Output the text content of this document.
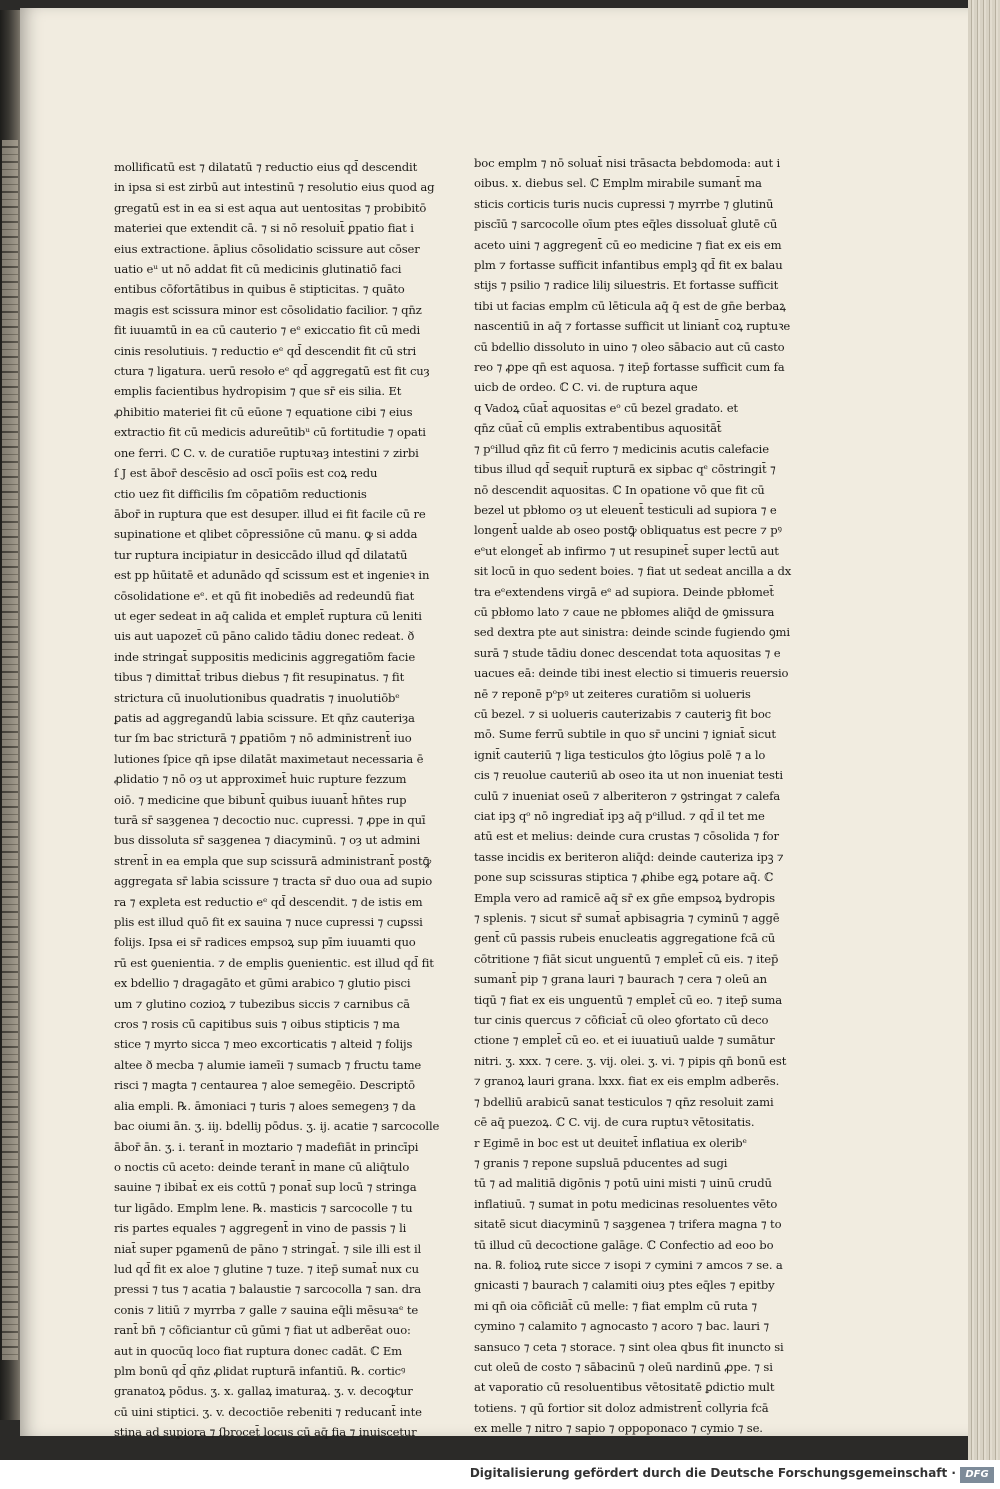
mollificatū est ⁊ dilatatū ⁊ reductio eius qd̄ descendit
in ipsa si est zirbū aut intestinū ⁊ resolutio eius quod ag
gregatū est in ea si est aqua aut uentositas ⁊ probibitō
materiei que extendit cā. ⁊ si nō resoluit̄ ꝑpatio fiat i
eius extractione. āplius cōsolidatio scissure aut cōser
uatio eᵘ ut nō addat fit cū medicinis glutinatiō faci
entibus cōfortātibus in quibus ē stipticitas. ⁊ quāto
magis est scissura minor est cōsolidatio facilior. ⁊ qn̄z
fit iuuamtū in ea cū cauterio ⁊ eᵉ exiccatio fit cū medi
cinis resolutiuis. ⁊ reductio eᵉ qd̄ descendit fit cū stri
ctura ⁊ ligatura. uerū resoło eᵉ qd̄ aggregatū est fit cuȝ
emplis facientibus hydropisim ⁊ que sr̄ eis silia. Et
ꝓhibitio materiei fit cū eūone ⁊ equatione cibi ⁊ eius
extractio fit cū medicis adureūtibᵘ cū fortitudie ⁊ opati
one ferri. ℂ C. v. de curatiōe ruptuꝛaȝ intestini ⁊ zirbi
ſ J est ābor̄ descēsio ad oscī poīis est coꝝ redu
ctio uez fit difficilis ſm cōpatiōm reductionis
ābor̄ in ruptura que est desuper. illud ei fit facile cū re
supinatione et qlibet cōpressiōne cū manu. ꝙ si adda
tur ruptura incipiatur in desiccādo illud qd̄ dilatatū
est pp hūitatē et adunādo qd̄ scissum est et ingenieꝛ in
cōsolidatione eᵉ. et qū fit inobediēs ad redeundū fiat
ut eger sedeat in aq̄ calida et emplet̄ ruptura cū leniti
uis aut uapozet̄ cū pāno calido tādiu donec redeat. ð
inde stringat̄ suppositis medicinis aggregatiōm facie
tibus ⁊ dimittat̄ tribus diebus ⁊ fit resupinatus. ⁊ fit
strictura cū inuolutionibus quadratis ⁊ inuolutiōbᵉ
ꝑatis ad aggregandū labia scissure. Et qn̄z cauteriȝa
tur ſm bac stricturā ⁊ ꝑpatiōm ⁊ nō administrent̄ iuo
lutiones ſpice qn̄ ipse dilatāt maximetaut necessaria ē
ꝓlidatio ⁊ nō oȝ ut approximet̄ huic rupture fezzum
oiō. ⁊ medicine que bibunt̄ quibus iuuant̄ hn̄tes rup
turā sr̄ saȝgenea ⁊ decoctio nuc. cupressi. ⁊ ꝓpe in quī
bus dissoluta sr̄ saȝgenea ⁊ diacyminū. ⁊ oȝ ut admini
strent̄ in ea empla que sup scissurā administrant̄ postꝙ̄
aggregata sr̄ labia scissure ⁊ tracta sr̄ duo oua ad supio
ra ⁊ expleta est reductio eᵉ qd̄ descendit. ⁊ de istis em
plis est illud quō fit ex sauina ⁊ nuce cupressi ⁊ cuꝑssi
folijs. Ipsa ei sr̄ radices empsoꝝ sup pīm iuuamti quo
rū est ꝯuenientia. ⁊ de emplis ꝯuenientic. est illud qd̄ fit
ex bdellio ⁊ dragagāto et gūmi arabico ⁊ glutio pisci
um ⁊ glutino cozioꝝ ⁊ tubezibus siccis ⁊ carnibus cā
cros ⁊ rosis cū capitibus suis ⁊ oibus stipticis ⁊ ma
stice ⁊ myrto sicca ⁊ meo excorticatis ⁊ alteid ⁊ folijs
altee ð mecba ⁊ alumie iameīi ⁊ sumacb ⁊ fructu tame
risci ⁊ magta ⁊ centaurea ⁊ aloe semegēio. Descriptō
alia empli. ℞. āmoniaci ⁊ turis ⁊ aloes semegenȝ ⁊ da
bac oiumi ān. ʒ. iiȷ. bdelliȷ pōdus. ʒ. ij. acatie ⁊ sarcocolle
ābor̄ ān. ʒ. i. terant̄ in moztario ⁊ madefiāt in princīpi
o noctis cū aceto: deinde terant̄ in mane cū aliq̄tulo
sauine ⁊ ibibat̄ ex eis cottū ⁊ ponat̄ sup locū ⁊ stringa
tur ligādo. Emplm lene. ℞. masticis ⁊ sarcocolle ⁊ tu
ris partes equales ⁊ aggregent̄ in vino de passis ⁊ li
niat̄ super pgamenū de pāno ⁊ stringat̄. ⁊ sile illi est il
lud qd̄ fit ex aloe ⁊ glutine ⁊ tuze. ⁊ itep̄ sumat̄ nux cu
pressi ⁊ tus ⁊ acatia ⁊ balaustie ⁊ sarcocolla ⁊ san. dra
conis ⁊ litiū ⁊ myrrba ⁊ galle ⁊ sauina eq̄li mēsuꝛaᵉ te
rant̄ bn̄ ⁊ cōficiantur cū gūmi ⁊ fiat ut adberēat ouo:
aut in quocūq loco fiat ruptura donec cadāt. ℂ Em
plm bonū qd̄ qn̄z ꝓlidat rupturā infantiū. ℞. corticꝰ
granatoꝝ pōdus. ʒ. x. gallaꝝ imaturaꝝ. ʒ. v. decoꝙtur
cū uini stiptici. ʒ. v. decoctiōe rebeniti ⁊ reducant̄ inte
stina ad supiora ⁊ ſbrocet̄ locus cū aq̄ fia ⁊ inuiscetur
boc emplm ⁊ nō soluat̄ nisi trāsacta bebdomoda: aut i
oibus. x. diebus sel. ℂ Emplm mirabile sumant̄ ma
sticis corticis turis nucis cupressi ⁊ myrrbe ⁊ glutinū
piscīū ⁊ sarcocolle oīum ptes eq̄les dissoluat̄ glutē cū
aceto uini ⁊ aggregent̄ cū eo medicine ⁊ fiat ex eis em
plm ⁊ fortasse sufficit infantibus emplꝫ qd̄ fit ex balau
stijs ⁊ psilio ⁊ radice liliȷ siluestris. Et fortasse sufficit
tibi ut facias emplm cū lēticula aq̄ q̄ est de gn̄e berbaꝝ
nascentiū in aq̄ ⁊ fortasse sufficit ut liniant̄ coꝝ ruptuꝛe
cū bdellio dissoluto in uino ⁊ oleo sābacio aut cū casto
reo ⁊ ꝓpe qn̄ est aquosa. ⁊ itep̄ fortasse sufficit cum fa
uicb de ordeo. ℂ C. vi. de ruptura aque
q Vadoꝝ cūat̄ aquositas eᵒ cū bezel gradato. et
qn̄z cūat̄ cū emplis extrabentibus aquositāt̄
⁊ pᵒillud qn̄z fit cū ferro ⁊ medicinis acutis calefacie
tibus illud qd̄ sequit̄ rupturā ex sipbac qᵉ cōstringit̄ ⁊
nō descendit aquositas. ℂ In opatione vō que fit cū
bezel ut pbłomo oȝ ut eleuent̄ testiculi ad supiora ⁊ e
longent̄ ualde ab oseo postꝙ̄ obliquatus est pecre ⁊ pꝰ
eᵉut elonget̄ ab infirmo ⁊ ut resupinet̄ super lectū aut
sit locū in quo sedent boies. ⁊ fiat ut sedeat ancilla a dx
tra eᵉextendens virgā eᵉ ad supiora. Deinde pbłomet̄
cū pbłomo lato ⁊ caue ne pbłomes aliq̄d de ꝯmissura
sed dextra pte aut sinistra: deinde scinde fugiendo ꝯmi
surā ⁊ stude tādiu donec descendat tota aquositas ⁊ e
uacues eā: deinde tibi inest electio si timueris reuersio
nē ⁊ reponē pᵒpꝰ ut zeiteres curatiōm si uolueris
cū bezel. ⁊ si uolueris cauterizabis ⁊ cauteriꝫ fit boc
mō. Sume ferrū subtile in quo sr̄ uncini ⁊ igniat̄ sicut
ignit̄ cauteriū ⁊ liga testiculos ġto lōgius polē ⁊ a lo
cis ⁊ reuolue cauteriū ab oseo ita ut non inueniat testi
culū ⁊ inueniat oseū ⁊ alberiteron ⁊ ꝯstringat ⁊ calefa
ciat ipꝫ qᵒ nō ingrediat̄ ipꝫ aq̄ pᵒillud. ⁊ qd̄ il tet me
atū est et melius: deinde cura crustas ⁊ cōsolida ⁊ for
tasse incidis ex beriteron aliq̄d: deinde cauteriza ipꝫ ⁊
pone sup scissuras stiptica ⁊ ꝓhibe egꝝ potare aq̄. ℂ
Empla vero ad ramicē aq̄ sr̄ ex gn̄e empsoꝝ bydropis
⁊ splenis. ⁊ sicut sr̄ sumat̄ apbisagria ⁊ cyminū ⁊ aggē
gent̄ cū passis rubeis enucleatis aggregatione fcā cū
cōtritione ⁊ fiāt sicut unguentū ⁊ emplet̄ cū eis. ⁊ itep̄
sumant̄ pip ⁊ grana lauri ⁊ baurach ⁊ cera ⁊ oleū an
tiqū ⁊ fiat ex eis unguentū ⁊ emplet̄ cū eo. ⁊ itep̄ suma
tur cinis quercus ⁊ cōficiat̄ cū oleo ꝯfortato cū deco
ctione ⁊ emplet̄ cū eo. et ei iuuatiuū ualde ⁊ sumātur
nitri. ʒ. xxx. ⁊ cere. ʒ. vij. olei. ʒ. vi. ⁊ pipis qn̄ bonū est
⁊ granoꝝ lauri grana. lxxx. fiat ex eis emplm adberēs.
⁊ bdelliū arabicū sanat testiculos ⁊ qn̄z resoluit zami
cē aq̄ puezoꝝ. ℂ C. vij. de cura ruptuꝛ vētositatis.
r Egimē in boc est ut deuitet̄ inflatiua ex oleribᵉ
⁊ granis ⁊ repone supsluā pducentes ad sugi
tū ⁊ ad malitiā digōnis ⁊ potū uini misti ⁊ uinū crudū
inflatiuū. ⁊ sumat in potu medicinas resoluentes vēto
sitatē sicut diacyminū ⁊ saȝgenea ⁊ trifera magna ⁊ to
tū illud cū decoctione galāge. ℂ Confectio ad eoo bo
na. ℞. folioꝝ rute sicce ⁊ isopi ⁊ cymini ⁊ amcos ⁊ se. a
gnicasti ⁊ baurach ⁊ calamiti oiuȝ ptes eq̄les ⁊ epitby
mi qn̄ oia cōficiāt̄ cū melle: ⁊ fiat emplm cū ruta ⁊
cymino ⁊ calamito ⁊ agnocasto ⁊ acoro ⁊ bac. lauri ⁊
sansuco ⁊ ceta ⁊ storace. ⁊ sint olea qbus fit inuncto si
cut oleū de costo ⁊ sābacinū ⁊ oleū nardinū ꝓpe. ⁊ si
at vaporatio cū resoluentibus vētositatē ꝑdictio mult
totiens. ⁊ qū fortior sit doloz admistrent̄ collyria fcā
ex melle ⁊ nitro ⁊ sapio ⁊ oppoponaco ⁊ cymio ⁊ se.
Digitalisierung gefördert durch die Deutsche Forschungsgemeinschaft · DFG
